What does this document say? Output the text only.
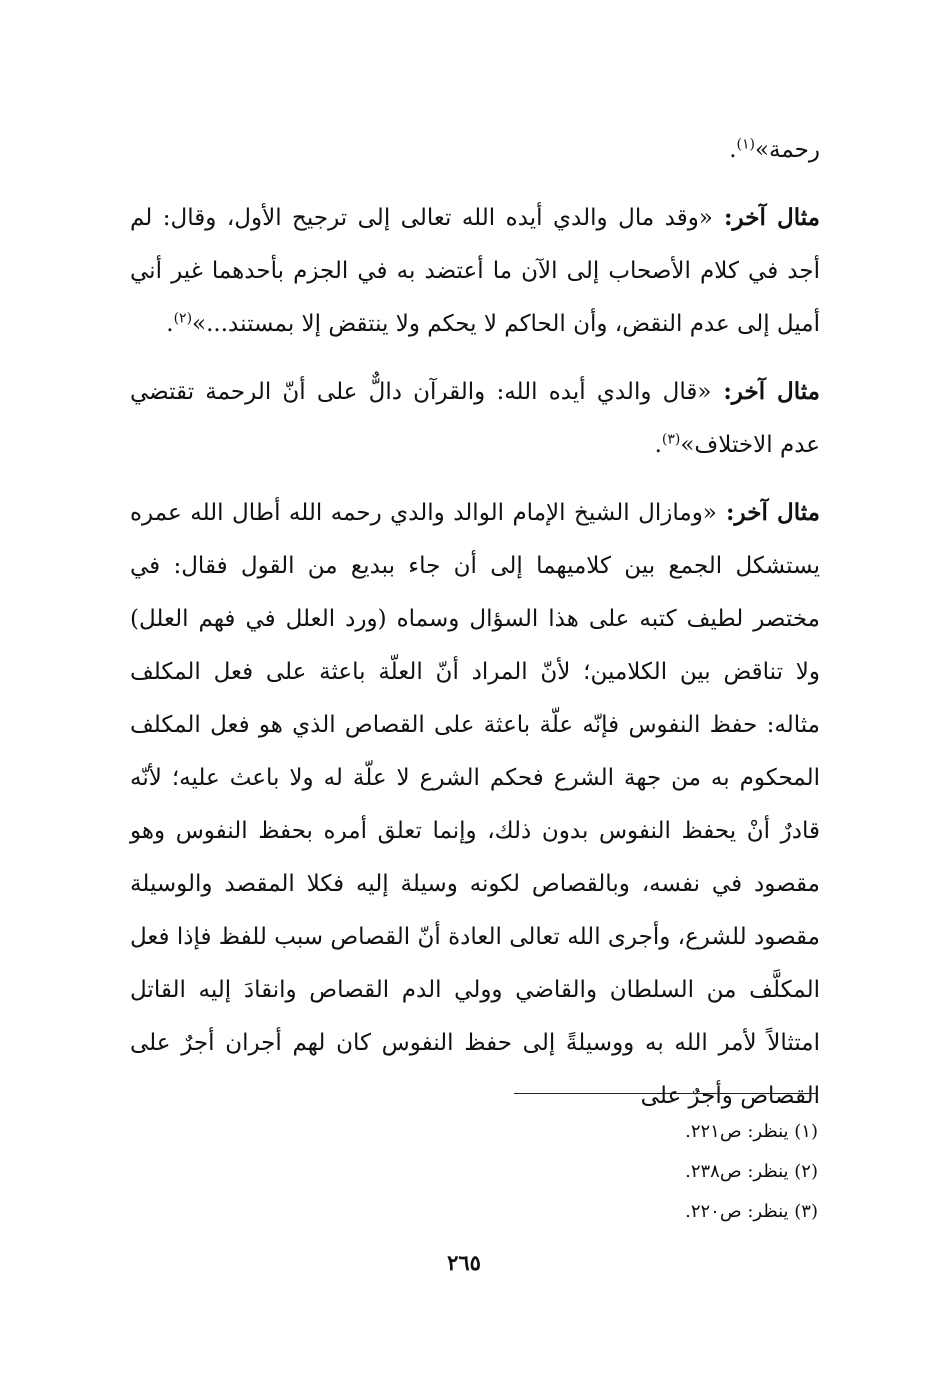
رحمة»$^{(١)}$.

مثال آخر: «وقد مال والدي أيده الله تعالى إلى ترجيح الأول، وقال: لم أجد في كلام الأصحاب إلى الآن ما أعتضد به في الجزم بأحدهما غير أني أميل إلى عدم النقض، وأن الحاكم لا يحكم ولا ينتقض إلا بمستند...»$^{(٢)}$.

مثال آخر: «قال والدي أيده الله: والقرآن دالٌّ على أنّ الرحمة تقتضي عدم الاختلاف»$^{(٣)}$.

مثال آخر: «ومازال الشيخ الإمام الوالد والدي رحمه الله أطال الله عمره يستشكل الجمع بين كلاميهما إلى أن جاء ببديع من القول فقال: في مختصر لطيف كتبه على هذا السؤال وسماه (ورد العلل في فهم العلل) ولا تناقض بين الكلامين؛ لأنّ المراد أنّ العلّة باعثة على فعل المكلف مثاله: حفظ النفوس فإنّه علّة باعثة على القصاص الذي هو فعل المكلف المحكوم به من جهة الشرع فحكم الشرع لا علّة له ولا باعث عليه؛ لأنّه قادرٌ أنْ يحفظ النفوس بدون ذلك، وإنما تعلق أمره بحفظ النفوس وهو مقصود في نفسه، وبالقصاص لكونه وسيلة إليه فكلا المقصد والوسيلة مقصود للشرع، وأجرى الله تعالى العادة أنّ القصاص سبب للفظ فإذا فعل المكلَّف من السلطان والقاضي وولي الدم القصاص وانقادَ إليه القاتل امتثالاً لأمر الله به ووسيلةً إلى حفظ النفوس كان لهم أجران أجرٌ على القصاص وأجرٌ على

(١) ينظر: ص٢٢١.
(٢) ينظر: ص٢٣٨.
(٣) ينظر: ص٢٢٠.
٢٦٥
